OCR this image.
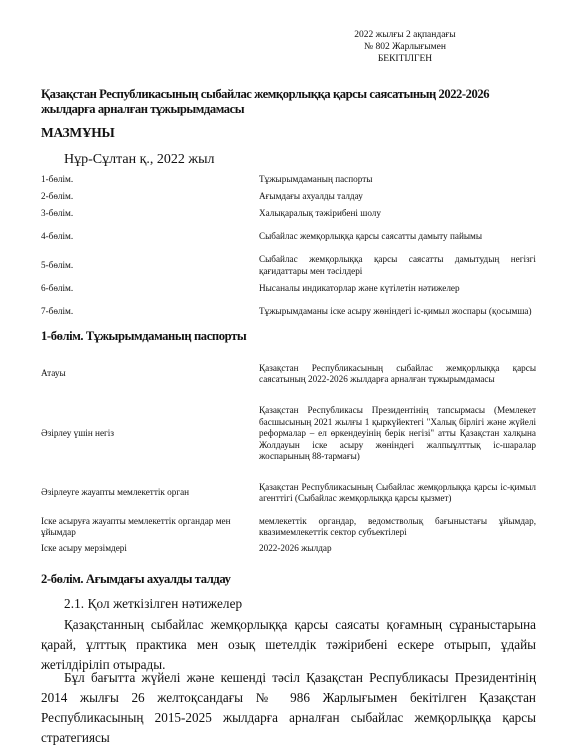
2022 жылғы 2 ақпандағы
№ 802 Жарлығымен
БЕКІТІЛГЕН
Қазақстан Республикасының сыбайлас жемқорлыққа қарсы саясатының 2022-2026 жылдарға арналған тұжырымдамасы
МАЗМҰНЫ
Нұр-Сұлтан қ., 2022 жыл
1-бөлім.	Тұжырымдаманың паспорты
2-бөлім.	Ағымдағы ахуалды талдау
3-бөлім.	Халықаралық тәжірибені шолу
4-бөлім.	Сыбайлас жемқорлыққа қарсы саясатты дамыту пайымы
5-бөлім.	Сыбайлас жемқорлыққа қарсы саясатты дамытудың негізгі қағидаттары мен тәсілдері
6-бөлім.	Нысаналы индикаторлар және күтілетін нәтижелер
7-бөлім.	Тұжырымдаманы іске асыру жөніндегі іс-қимыл жоспары (қосымша)
1-бөлім. Тұжырымдаманың паспорты
Атауы	Қазақстан Республикасының сыбайлас жемқорлыққа қарсы саясатының 2022-2026 жылдарға арналған тұжырымдамасы
Әзірлеу үшін негіз	Қазақстан Республикасы Президентінің тапсырмасы (Мемлекет басшысының 2021 жылғы 1 қыркүйектегі "Халық бірлігі және жүйелі реформалар – ел өркендеуінің берік негізі" атты Қазақстан халқына Жолдауын іске асыру жөніндегі жалпыұлттық іс-шаралар жоспарының 88-тармағы)
Әзірлеуге жауапты мемлекеттік орган	Қазақстан Республикасының Сыбайлас жемқорлыққа қарсы іс-қимыл агенттігі (Сыбайлас жемқорлыққа қарсы қызмет)
Іске асыруға жауапты мемлекеттік органдар мен ұйымдар	мемлекеттік органдар, ведомстволық бағыныстағы ұйымдар, квазимемлекеттік сектор субъектілері
Іске асыру мерзімдері	2022-2026 жылдар
2-бөлім. Ағымдағы ахуалды талдау
2.1. Қол жеткізілген нәтижелер

Қазақстанның сыбайлас жемқорлыққа қарсы саясаты қоғамның сұраныстарына қарай, ұлттық практика мен озық шетелдік тәжірибені ескере отырып, ұдайы жетілдіріліп отырады.

Бұл бағытта жүйелі және кешенді тәсіл Қазақстан Республикасы Президентінің 2014 жылғы 26 желтоқсандағы № 986 Жарлығымен бекітілген Қазақстан Республикасының 2015-2025 жылдарға арналған сыбайлас жемқорлыққа қарсы стратегиясы
